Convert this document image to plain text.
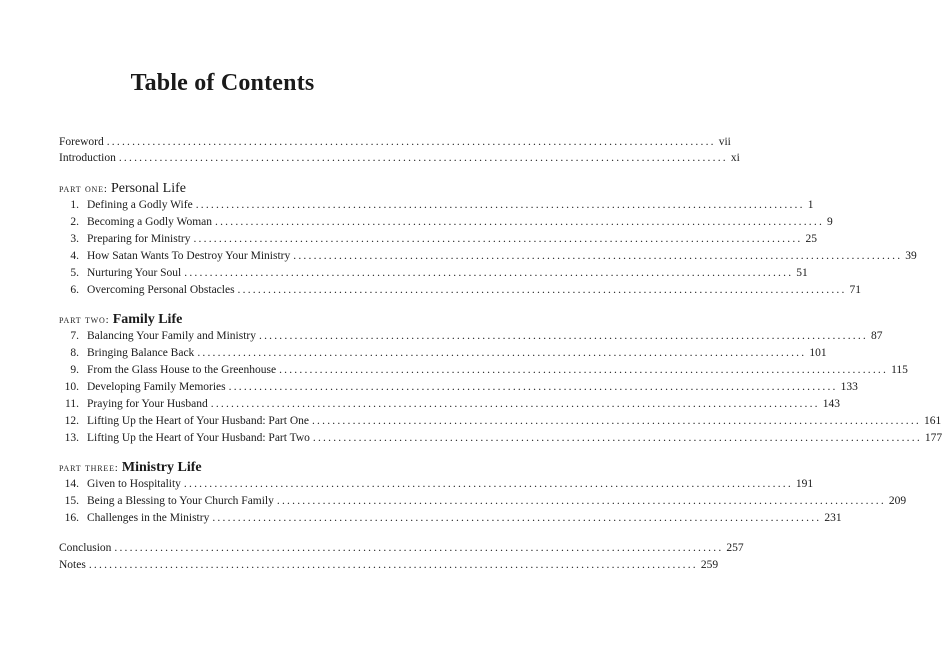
Table of Contents
Foreword ........................................................................................................................ vii
Introduction ........................................................................................................................ xi
part one: Personal Life
1. Defining a Godly Wife ........................................................................................................................ 1
2. Becoming a Godly Woman ........................................................................................................................ 9
3. Preparing for Ministry ........................................................................................................................ 25
4. How Satan Wants To Destroy Your Ministry ........................................................................................................................ 39
5. Nurturing Your Soul ........................................................................................................................ 51
6. Overcoming Personal Obstacles ........................................................................................................................ 71
part two: Family Life
7. Balancing Your Family and Ministry ........................................................................................................................ 87
8. Bringing Balance Back ........................................................................................................................ 101
9. From the Glass House to the Greenhouse ........................................................................................................................ 115
10. Developing Family Memories ........................................................................................................................ 133
11. Praying for Your Husband ........................................................................................................................ 143
12. Lifting Up the Heart of Your Husband: Part One ........................................................................................................................ 161
13. Lifting Up the Heart of Your Husband: Part Two ........................................................................................................................ 177
part three: Ministry Life
14. Given to Hospitality ........................................................................................................................ 191
15. Being a Blessing to Your Church Family ........................................................................................................................ 209
16. Challenges in the Ministry ........................................................................................................................ 231
Conclusion ........................................................................................................................ 257
Notes ........................................................................................................................ 259
